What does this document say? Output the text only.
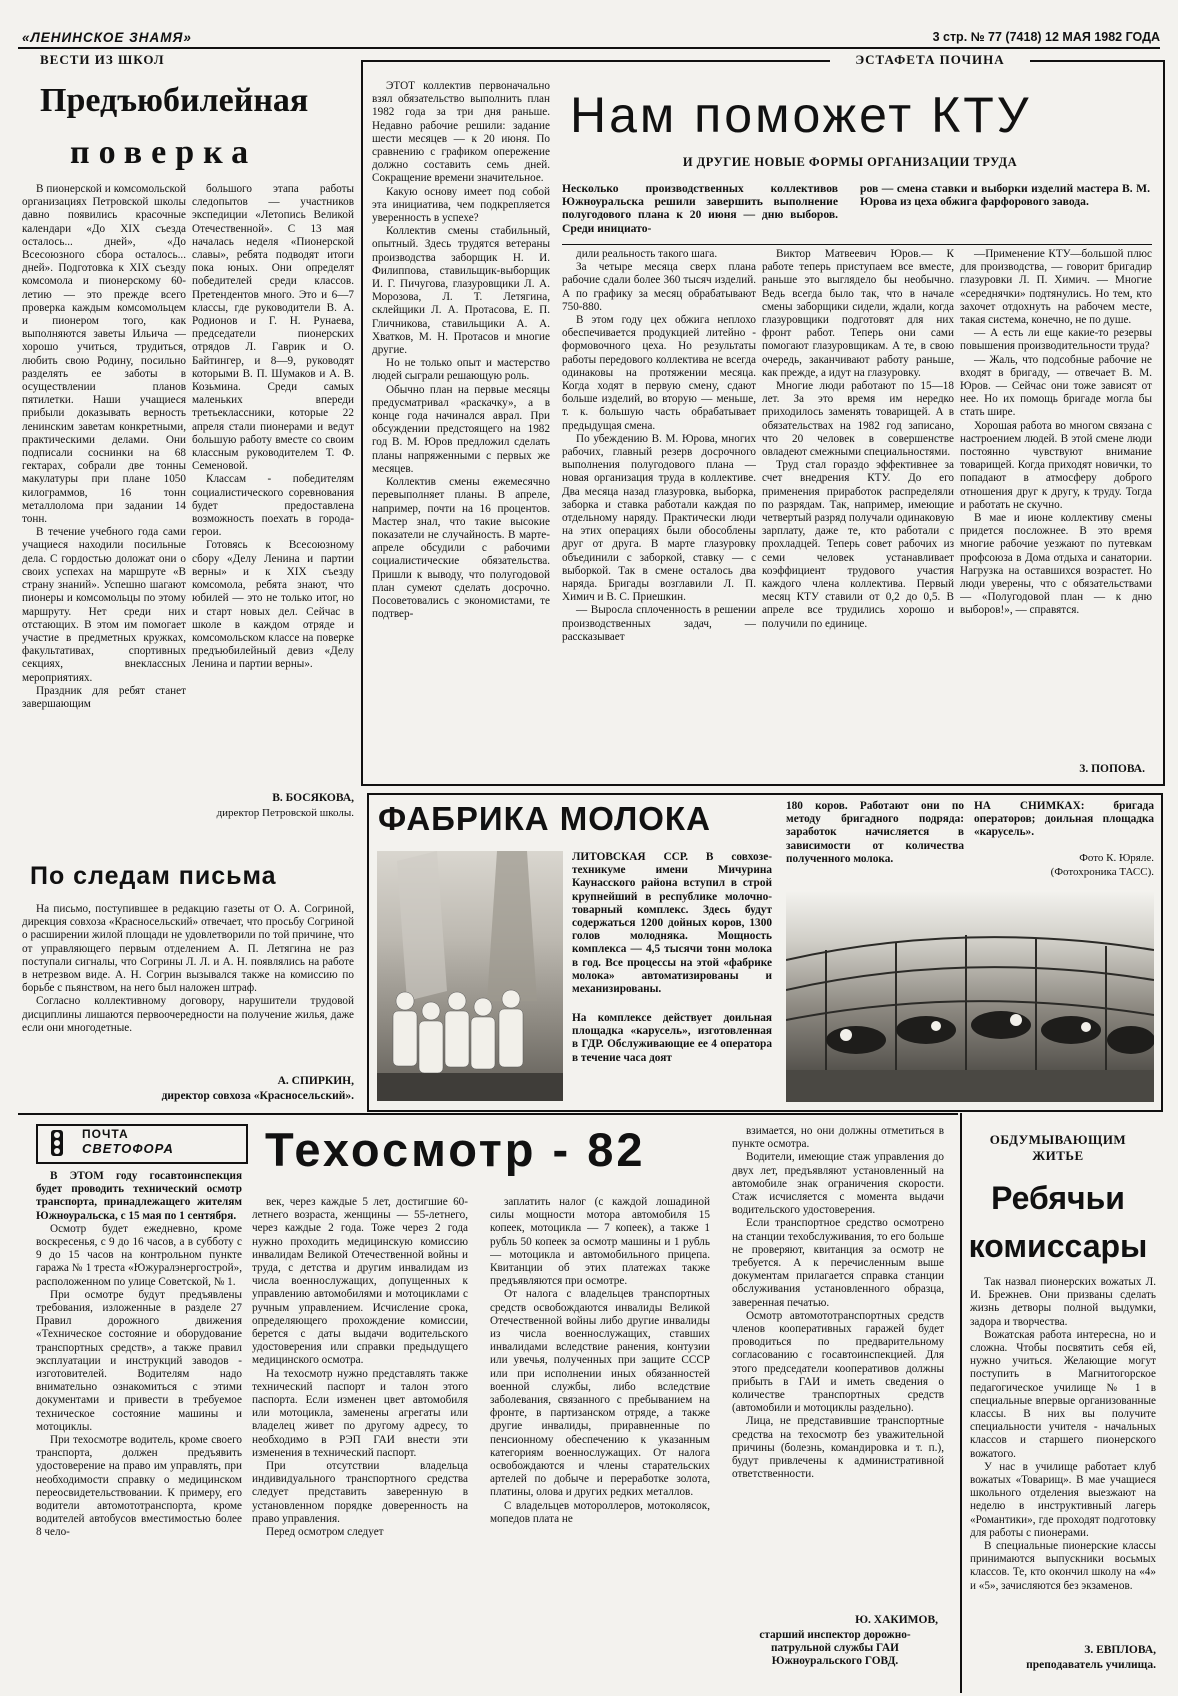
«ЛЕНИНСКОЕ ЗНАМЯ»	3 стр. № 77 (7418) 12 МАЯ 1982 ГОДА
ВЕСТИ ИЗ ШКОЛ
Предъюбилейная
поверка

В пионерской и комсомольской организациях Петровской школы давно появились красочные календари «До XIX съезда осталось... дней», «До Всесоюзного сбора осталось... дней». Подготовка к XIX съезду комсомола и пионерскому 60-летию — это прежде всего проверка каждым комсомольцем и пионером того, как выполняются заветы Ильича — хорошо учиться, трудиться, любить свою Родину, посильно разделять ее заботы в осуществлении планов пятилетки. Наши учащиеся прибыли доказывать верность ленинским заветам конкретными, практическими делами. Они подписали соснинки на 68 гектарах, собрали две тонны макулатуры при плане 1050 килограммов, 16 тонн металлолома при задании 14 тонн.

В течение учебного года сами учащиеся находили посильные дела. С гордостью доложат они о своих успехах на маршруте «В страну знаний». Успешно шагают пионеры и комсомольцы по этому маршруту. Нет среди них отстающих. В этом им помогает участие в предметных кружках, факультативах, спортивных секциях, внеклассных мероприятиях.

Праздник для ребят станет завершающим

большого этапа работы следопытов — участников экспедиции «Летопись Великой Отечественной». С 13 мая началась неделя «Пионерской славы», ребята подводят итоги пока юных. Они определят победителей среди классов. Претендентов много. Это и 6—7 классы, где руководители В. А. Родионов и Г. Н. Рунаева, председатели пионерских отрядов Л. Гаврик и О. Байтингер, и 8—9, руководят которыми В. П. Шумаков и А. В. Козьмина. Среди самых маленьких впереди третьеклассники, которые 22 апреля стали пионерами и ведут большую работу вместе со своим классным руководителем Т. Ф. Семеновой.

Классам - победителям социалистического соревнования будет предоставлена возможность поехать в города-герои.

Готовясь к Всесоюзному сбору «Делу Ленина и партии верны» и к XIX съезду комсомола, ребята знают, что юбилей — это не только итог, но и старт новых дел. Сейчас в школе в каждом отряде и комсомольском классе на поверке предъюбилейный девиз «Делу Ленина и партии верны».

В. БОСЯКОВА,
директор Петровской школы.
ЭСТАФЕТА ПОЧИНА

ЭТОТ коллектив первоначально взял обязательство выполнить план 1982 года за три дня раньше. Недавно рабочие решили: задание шести месяцев — к 20 июня. По сравнению с графиком опережение должно составить семь дней. Сокращение времени значительное.

Какую основу имеет под собой эта инициатива, чем подкрепляется уверенность в успехе?

Коллектив смены стабильный, опытный. Здесь трудятся ветераны производства заборщик Н. И. Филиппова, ставильщик-выборщик И. Г. Пичугова, глазуровщики Л. А. Морозова, Л. Т. Летягина, склейщики Л. А. Протасова, Е. П. Гличникова, ставильщики А. А. Хватков, М. Н. Протасов и многие другие.

Но не только опыт и мастерство людей сыграли решающую роль.

Обычно план на первые месяцы предусматривал «раскачку», а в конце года начинался аврал. При обсуждении предстоящего на 1982 год В. М. Юров предложил сделать планы напряженными с первых же месяцев.

Коллектив смены ежемесячно перевыполняет планы. В апреле, например, почти на 16 процентов. Мастер знал, что такие высокие показатели не случайность. В марте-апреле обсудили с рабочими социалистические обязательства. Пришли к выводу, что полугодовой план сумеют сделать досрочно. Посоветовались с экономистами, те подтвер-

Нам поможет КТУ
И ДРУГИЕ НОВЫЕ ФОРМЫ ОРГАНИЗАЦИИ ТРУДА
Несколько производственных коллективов Южноуральска решили завершить выполнение полугодового плана к 20 июня — дню выборов. Среди инициато-
ров — смена ставки и выборки изделий мастера В. М. Юрова из цеха обжига фарфорового завода.

дили реальность такого шага.

За четыре месяца сверх плана рабочие сдали более 360 тысяч изделий. А по графику за месяц обрабатывают 750-880.

В этом году цех обжига неплохо обеспечивается продукцией литейно - формовочного цеха. Но результаты работы передового коллектива не всегда одинаковы на протяжении месяца. Когда ходят в первую смену, сдают больше изделий, во вторую — меньше, т. к. большую часть обрабатывает предыдущая смена.

По убеждению В. М. Юрова, многих рабочих, главный резерв досрочного выполнения полугодового плана — новая организация труда в коллективе. Два месяца назад глазуровка, выборка, заборка и ставка работали каждая по отдельному наряду. Практически люди на этих операциях были обособлены друг от друга. В марте глазуровку объединили с заборкой, ставку — с выборкой. Так в смене осталось два наряда. Бригады возглавили Л. П. Химич и В. С. Приешкин.

— Выросла сплоченность в решении производственных задач, — рассказывает

Виктор Матвеевич Юров.— К работе теперь приступаем все вместе, раньше это выглядело бы необычно. Ведь всегда было так, что в начале смены заборщики сидели, ждали, когда глазуровщики подготовят для них фронт работ. Теперь они сами помогают глазуровщикам. А те, в свою очередь, заканчивают работу раньше, как прежде, а идут на глазуровку.

Многие люди работают по 15—18 лет. За это время им нередко приходилось заменять товарищей. А в обязательствах на 1982 год записано, что 20 человек в совершенстве овладеют смежными специальностями.

Труд стал гораздо эффективнее за счет внедрения КТУ. До его применения приработок распределяли по разрядам. Так, например, имеющие четвертый разряд получали одинаковую зарплату, даже те, кто работали с прохладцей. Теперь совет рабочих из семи человек устанавливает коэффициент трудового участия каждого члена коллектива. Первый месяц КТУ ставили от 0,2 до 0,5. В апреле все трудились хорошо и получили по единице.

—Применение КТУ—большой плюс для производства, — говорит бригадир глазуровки Л. П. Химич. — Многие «середнячки» подтянулись. Но тем, кто захочет отдохнуть на рабочем месте, такая система, конечно, не по душе.

— А есть ли еще какие-то резервы повышения производительности труда?

— Жаль, что подсобные рабочие не входят в бригаду, — отвечает В. М. Юров. — Сейчас они тоже зависят от нее. Но их помощь бригаде могла бы стать шире.

Хорошая работа во многом связана с настроением людей. В этой смене люди постоянно чувствуют внимание товарищей. Когда приходят новички, то попадают в атмосферу доброго отношения друг к другу, к труду. Тогда и работать не скучно.

В мае и июне коллективу смены придется посложнее. В это время многие рабочие уезжают по путевкам профсоюза в Дома отдыха и санатории. Нагрузка на оставшихся возрастет. Но люди уверены, что с обязательствами — «Полугодовой план — к дню выборов!», — справятся.

З. ПОПОВА.
ФАБРИКА МОЛОКА	180 коров. Работают они по методу бригадного подряда: заработок начисляется в зависимости от количества полученного молока.
НА СНИМКАХ: бригада операторов; доильная площадка «карусель».
Фото К. Юряле.
(Фотохроника ТАСС).
ЛИТОВСКАЯ ССР. В совхозе-техникуме имени Мичурина Каунасского района вступил в строй крупнейший в республике молочно-товарный комплекс. Здесь будут содержаться 1200 дойных коров, 1300 голов молодняка. Мощность комплекса — 4,5 тысячи тонн молока в год. Все процессы на этой «фабрике молока» автоматизированы и механизированы.
На комплексе действует доильная площадка «карусель», изготовленная в ГДР. Обслуживающие ее 4 оператора в течение часа доят
По следам письма

На письмо, поступившее в редакцию газеты от О. А. Согриной, дирекция совхоза «Красносельский» отвечает, что просьбу Согриной о расширении жилой площади не удовлетворили по той причине, что от управляющего первым отделением А. П. Летягина не раз поступали сигналы, что Согрины Л. Л. и А. Н. появлялись на работе в нетрезвом виде. А. Н. Согрин вызывался также на комиссию по борьбе с пьянством, на него был наложен штраф.

Согласно коллективному договору, нарушители трудовой дисциплины лишаются первоочередности на получение жилья, даже если они многодетные.

А. СПИРКИН,
директор совхоза «Красносельский».
ПОЧТА
СВЕТОФОРА	Техосмотр - 82

В ЭТОМ году госавтоинспекция будет проводить технический осмотр транспорта, принадлежащего жителям Южноуральска, с 15 мая по 1 сентября.

Осмотр будет ежедневно, кроме воскресенья, с 9 до 16 часов, а в субботу с 9 до 15 часов на контрольном пункте гаража № 1 треста «Южуралэнергострой», расположенном по улице Советской, № 1.

При осмотре будут предъявлены требования, изложенные в разделе 27 Правил дорожного движения «Техническое состояние и оборудование транспортных средств», а также правил эксплуатации и инструкций заводов - изготовителей. Водителям надо внимательно ознакомиться с этими документами и привести в требуемое техническое состояние машины и мотоциклы.

При техосмотре водитель, кроме своего транспорта, должен предъявить удостоверение на право им управлять, при необходимости справку о медицинском переосвидетельствовании. К примеру, его водители автомототранспорта, кроме водителей автобусов вместимостью более 8 чело-

век, через каждые 5 лет, достигшие 60-летнего возраста, женщины — 55-летнего, через каждые 2 года. Тоже через 2 года нужно проходить медицинскую комиссию инвалидам Великой Отечественной войны и труда, с детства и другим инвалидам из числа военнослужащих, допущенных к управлению автомобилями и мотоциклами с ручным управлением. Исчисление срока, определяющего прохождение комиссии, берется с даты выдачи водительского удостоверения или справки предыдущего медицинского осмотра.

На техосмотр нужно представлять также технический паспорт и талон этого паспорта. Если изменен цвет автомобиля или мотоцикла, заменены агрегаты или владелец живет по другому адресу, то необходимо в РЭП ГАИ внести эти изменения в технический паспорт.

При отсутствии владельца индивидуального транспортного средства следует представить заверенную в установленном порядке доверенность на право управления.

Перед осмотром следует

заплатить налог (с каждой лошадиной силы мощности мотора автомобиля 15 копеек, мотоцикла — 7 копеек), а также 1 рубль 50 копеек за осмотр машины и 1 рубль — мотоцикла и автомобильного прицепа. Квитанции об этих платежах также предъявляются при осмотре.

От налога с владельцев транспортных средств освобождаются инвалиды Великой Отечественной войны либо другие инвалиды из числа военнослужащих, ставших инвалидами вследствие ранения, контузии или увечья, полученных при защите СССР или при исполнении иных обязанностей военной службы, либо вследствие заболевания, связанного с пребыванием на фронте, в партизанском отряде, а также другие инвалиды, приравненные по пенсионному обеспечению к указанным категориям военнослужащих. От налога освобождаются и члены старательских артелей по добыче и переработке золота, платины, олова и других редких металлов.

С владельцев мотороллеров, мотоколясок, мопедов плата не

взимается, но они должны отметиться в пункте осмотра.

Водители, имеющие стаж управления до двух лет, предъявляют установленный на автомобиле знак ограничения скорости. Стаж исчисляется с момента выдачи водительского удостоверения.

Если транспортное средство осмотрено на станции техобслуживания, то его больше не проверяют, квитанция за осмотр не требуется. А к перечисленным выше документам прилагается справка станции обслуживания установленного образца, заверенная печатью.

Осмотр автомототранспортных средств членов кооперативных гаражей будет проводиться по предварительному согласованию с госавтоинспекцией. Для этого председатели кооперативов должны прибыть в ГАИ и иметь сведения о количестве транспортных средств (автомобили и мотоциклы раздельно).

Лица, не представившие транспортные средства на техосмотр без уважительной причины (болезнь, командировка и т. п.), будут привлечены к административной ответственности.

Ю. ХАКИМОВ,
старший инспектор дорожно-патрульной службы ГАИ Южноуральского ГОВД.
ОБДУМЫВАЮЩИМ ЖИТЬЕ
Ребячьи
комиссары

Так назвал пионерских вожатых Л. И. Брежнев. Они призваны сделать жизнь детворы полной выдумки, задора и творчества.

Вожатская работа интересна, но и сложна. Чтобы посвятить себя ей, нужно учиться. Желающие могут поступить в Магнитогорское педагогическое училище № 1 в специальные впервые организованные классы. В них вы получите специальности учителя - начальных классов и старшего пионерского вожатого.

У нас в училище работает клуб вожатых «Товарищ». В мае учащиеся школьного отделения выезжают на неделю в инструктивный лагерь «Романтики», где проходят подготовку для работы с пионерами.

В специальные пионерские классы принимаются выпускники восьмых классов. Те, кто окончил школу на «4» и «5», зачисляются без экзаменов.

З. ЕВПЛОВА,
преподаватель училища.
